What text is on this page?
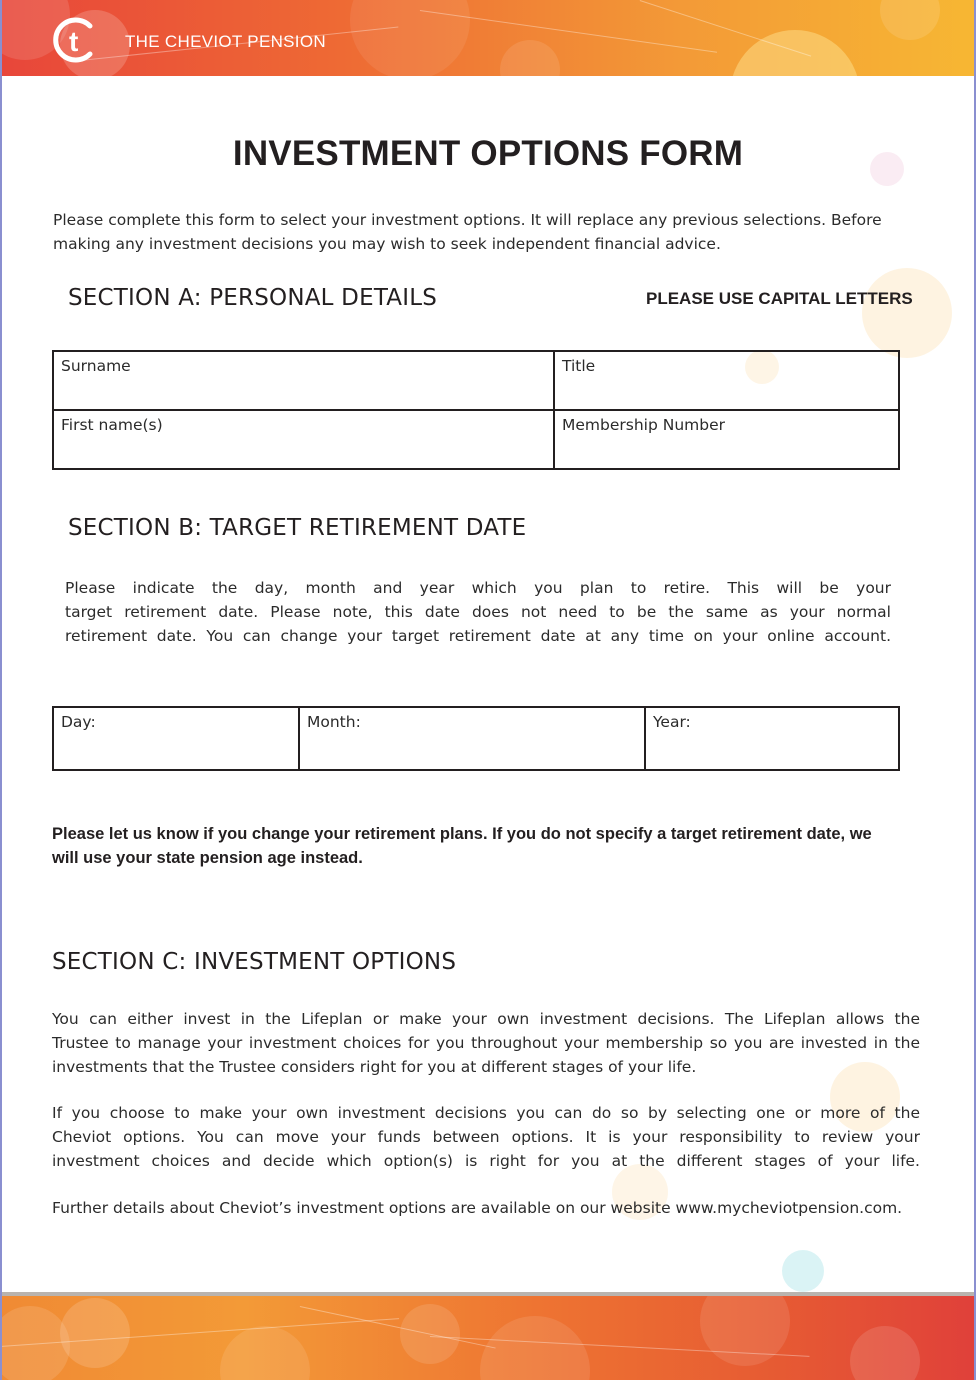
t	THE CHEVIOT PENSION
INVESTMENT OPTIONS FORM
Please complete this form to select your investment options. It will replace any previous selections. Before
making any investment decisions you may wish to seek independent financial advice.
SECTION A: PERSONAL DETAILS	PLEASE USE CAPITAL LETTERS
Surname	Title
First name(s)	Membership Number
SECTION B: TARGET RETIREMENT DATE
Please indicate the day, month and year which you plan to retire. This will be your
target retirement date. Please note, this date does not need to be the same as your normal
retirement date. You can change your target retirement date at any time on your online account.
Day:	Month:	Year:
Please let us know if you change your retirement plans. If you do not specify a target retirement date, we
will use your state pension age instead.
SECTION C: INVESTMENT OPTIONS
You can either invest in the Lifeplan or make your own investment decisions. The Lifeplan allows the
Trustee to manage your investment choices for you throughout your membership so you are invested in the
investments that the Trustee considers right for you at different stages of your life.
If you choose to make your own investment decisions you can do so by selecting one or more of the
Cheviot options. You can move your funds between options. It is your responsibility to review your
investment choices and decide which option(s) is right for you at the different stages of your life.
Further details about Cheviot’s investment options are available on our website www.mycheviotpension.com.
